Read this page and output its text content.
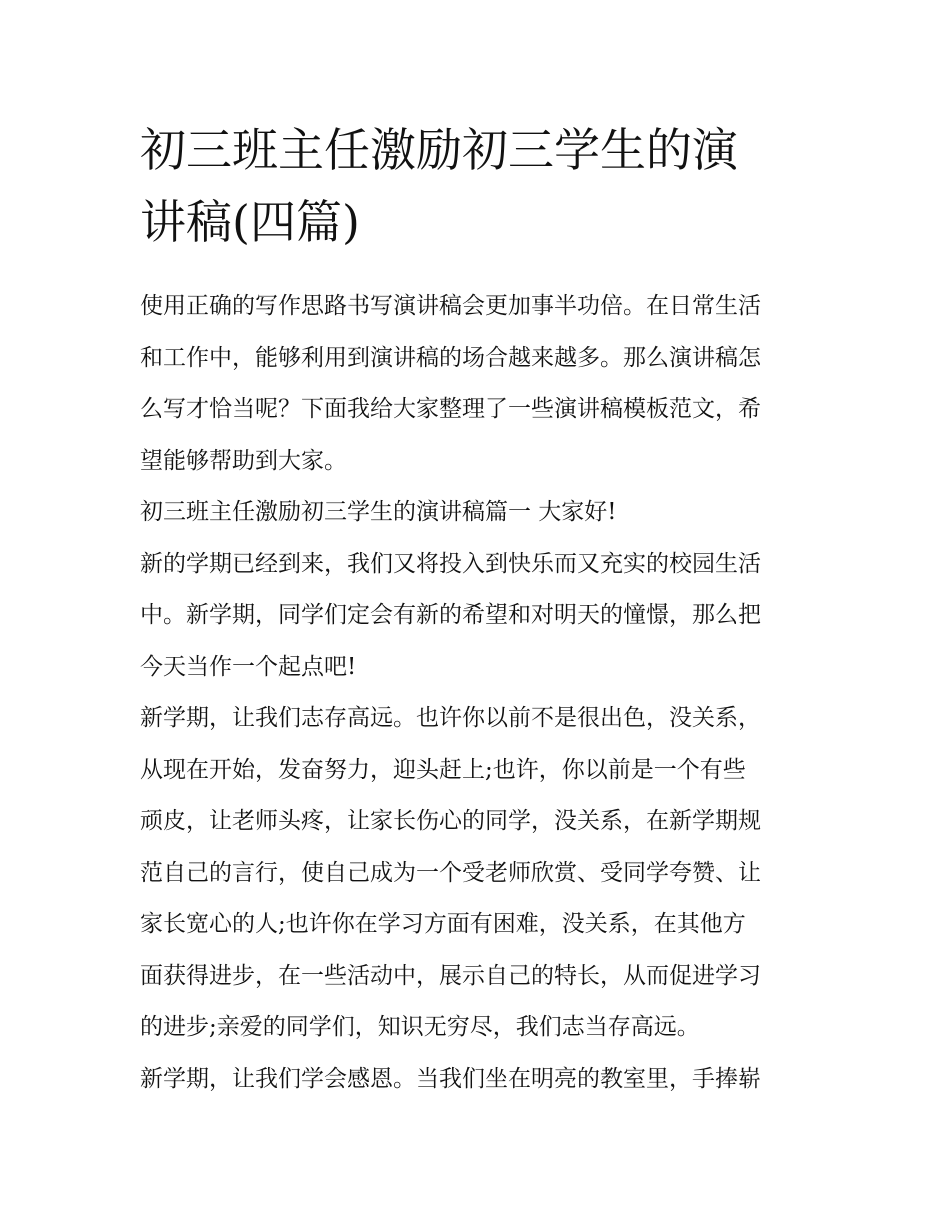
初三班主任激励初三学生的演
讲稿(四篇)

使用正确的写作思路书写演讲稿会更加事半功倍。在日常生活
和工作中，能够利用到演讲稿的场合越来越多。那么演讲稿怎
么写才恰当呢？下面我给大家整理了一些演讲稿模板范文，希
望能够帮助到大家。

初三班主任激励初三学生的演讲稿篇一 大家好!

新的学期已经到来，我们又将投入到快乐而又充实的校园生活
中。新学期，同学们定会有新的希望和对明天的憧憬，那么把
今天当作一个起点吧!

新学期，让我们志存高远。也许你以前不是很出色，没关系，
从现在开始，发奋努力，迎头赶上;也许，你以前是一个有些
顽皮，让老师头疼，让家长伤心的同学，没关系，在新学期规
范自己的言行，使自己成为一个受老师欣赏、受同学夸赞、让
家长宽心的人;也许你在学习方面有困难，没关系，在其他方
面获得进步，在一些活动中，展示自己的特长，从而促进学习
的进步;亲爱的同学们，知识无穷尽，我们志当存高远。

新学期，让我们学会感恩。当我们坐在明亮的教室里，手捧崭
